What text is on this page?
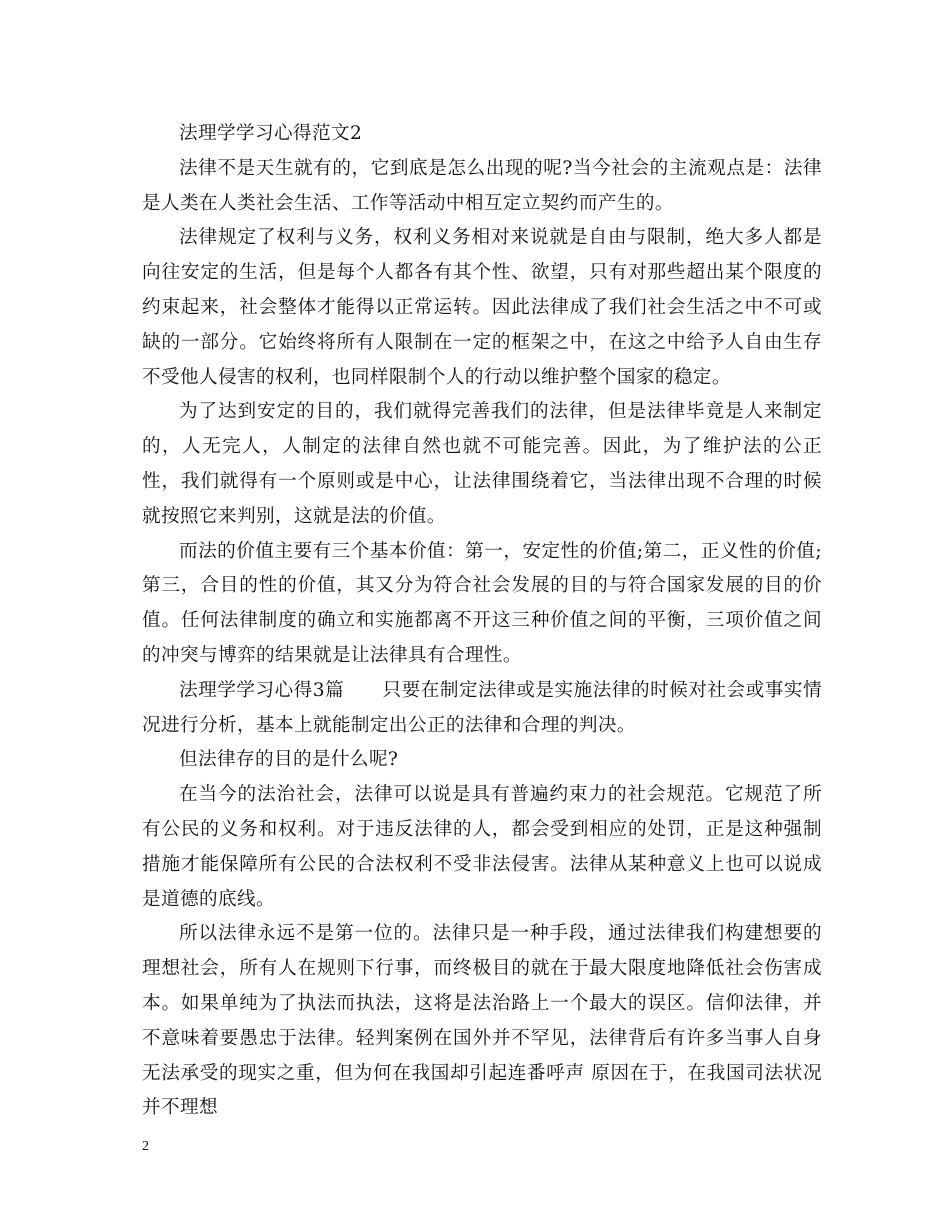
法理学学习心得范文2

法律不是天生就有的，它到底是怎么出现的呢?当今社会的主流观点是：法律是人类在人类社会生活、工作等活动中相互定立契约而产生的。

法律规定了权利与义务，权利义务相对来说就是自由与限制，绝大多人都是向往安定的生活，但是每个人都各有其个性、欲望，只有对那些超出某个限度的约束起来，社会整体才能得以正常运转。因此法律成了我们社会生活之中不可或缺的一部分。它始终将所有人限制在一定的框架之中，在这之中给予人自由生存不受他人侵害的权利，也同样限制个人的行动以维护整个国家的稳定。

为了达到安定的目的，我们就得完善我们的法律，但是法律毕竟是人来制定的，人无完人，人制定的法律自然也就不可能完善。因此，为了维护法的公正性，我们就得有一个原则或是中心，让法律围绕着它，当法律出现不合理的时候就按照它来判别，这就是法的价值。

而法的价值主要有三个基本价值：第一，安定性的价值;第二，正义性的价值;第三，合目的性的价值，其又分为符合社会发展的目的与符合国家发展的目的价值。任何法律制度的确立和实施都离不开这三种价值之间的平衡，三项价值之间的冲突与博弈的结果就是让法律具有合理性。

法理学学习心得3篇　　只要在制定法律或是实施法律的时候对社会或事实情况进行分析，基本上就能制定出公正的法律和合理的判决。

但法律存的目的是什么呢?

在当今的法治社会，法律可以说是具有普遍约束力的社会规范。它规范了所有公民的义务和权利。对于违反法律的人，都会受到相应的处罚，正是这种强制措施才能保障所有公民的合法权利不受非法侵害。法律从某种意义上也可以说成是道德的底线。

所以法律永远不是第一位的。法律只是一种手段，通过法律我们构建想要的理想社会，所有人在规则下行事，而终极目的就在于最大限度地降低社会伤害成本。如果单纯为了执法而执法，这将是法治路上一个最大的误区。信仰法律，并不意味着要愚忠于法律。轻判案例在国外并不罕见，法律背后有许多当事人自身无法承受的现实之重，但为何在我国却引起连番呼声 原因在于，在我国司法状况并不理想

2
